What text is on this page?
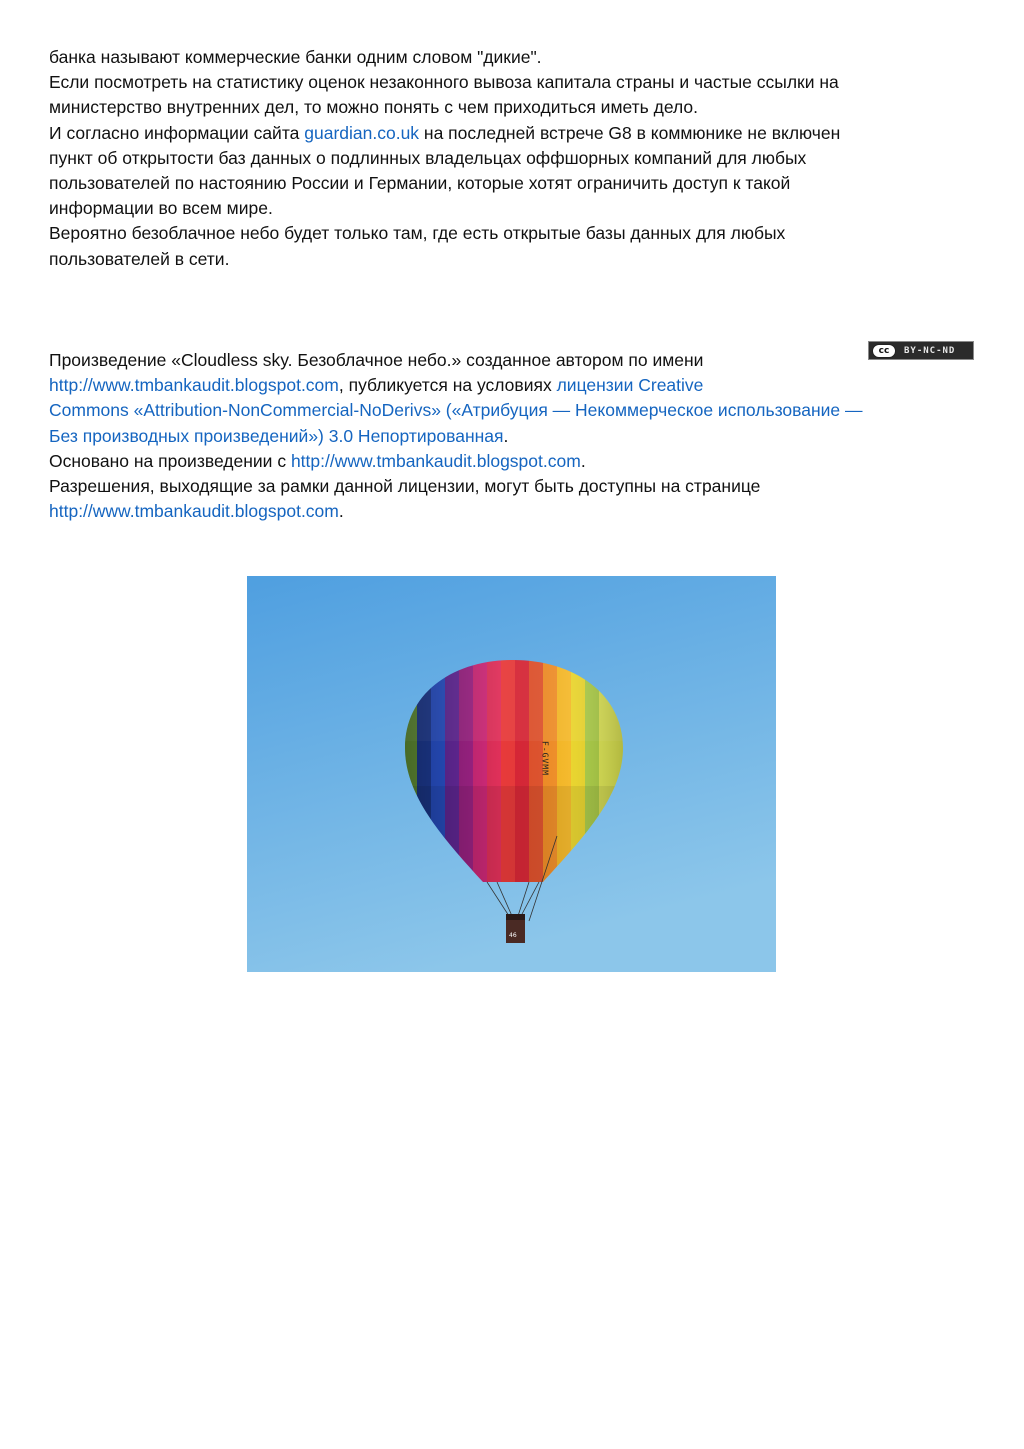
банка называют коммерческие банки одним словом "дикие".
Если посмотреть на статистику оценок незаконного вывоза капитала страны и частые ссылки на
министерство внутренних дел, то можно понять с чем приходиться иметь дело.
И согласно информации сайта guardian.co.uk на последней встрече G8 в коммюнике не включен
пункт об открытости баз данных о подлинных владельцах оффшорных компаний для любых
пользователей по настоянию России и Германии, которые хотят ограничить доступ к такой
информации во всем мире.
Вероятно безоблачное небо будет только там, где есть открытые базы данных для любых
пользователей в сети.
cc	BY-NC-ND
Произведение «Cloudless sky. Безоблачное небо.» созданное автором по имени
http://www.tmbankaudit.blogspot.com, публикуется на условиях лицензии Creative
Commons «Attribution-NonCommercial-NoDerivs» («Атрибуция — Некоммерческое использование —
Без производных произведений») 3.0 Непортированная.
Основано на произведении с http://www.tmbankaudit.blogspot.com.
Разрешения, выходящие за рамки данной лицензии, могут быть доступны на странице
http://www.tmbankaudit.blogspot.com.
F-GVMM
46
